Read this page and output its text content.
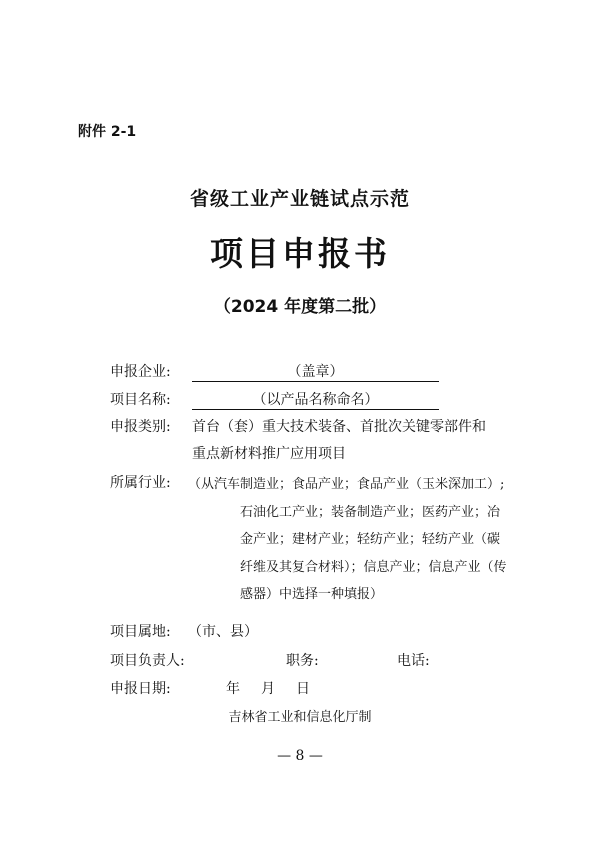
附件 2-1
省级工业产业链试点示范
项目申报书
（2024 年度第二批）
申报企业:	（盖章）
项目名称:	（以产品名称命名）
申报类别: 首台（套）重大技术装备、首批次关键零部件和
重点新材料推广应用项目
所属行业: （从汽车制造业；食品产业；食品产业（玉米深加工）;
石油化工产业；装备制造产业；医药产业；冶
金产业；建材产业；轻纺产业；轻纺产业（碳
纤维及其复合材料）；信息产业；信息产业（传
感器）中选择一种填报）
项目属地: （市、县）
项目负责人:	职务:	电话:
申报日期:	年 月 日
吉林省工业和信息化厅制
— 8 —
